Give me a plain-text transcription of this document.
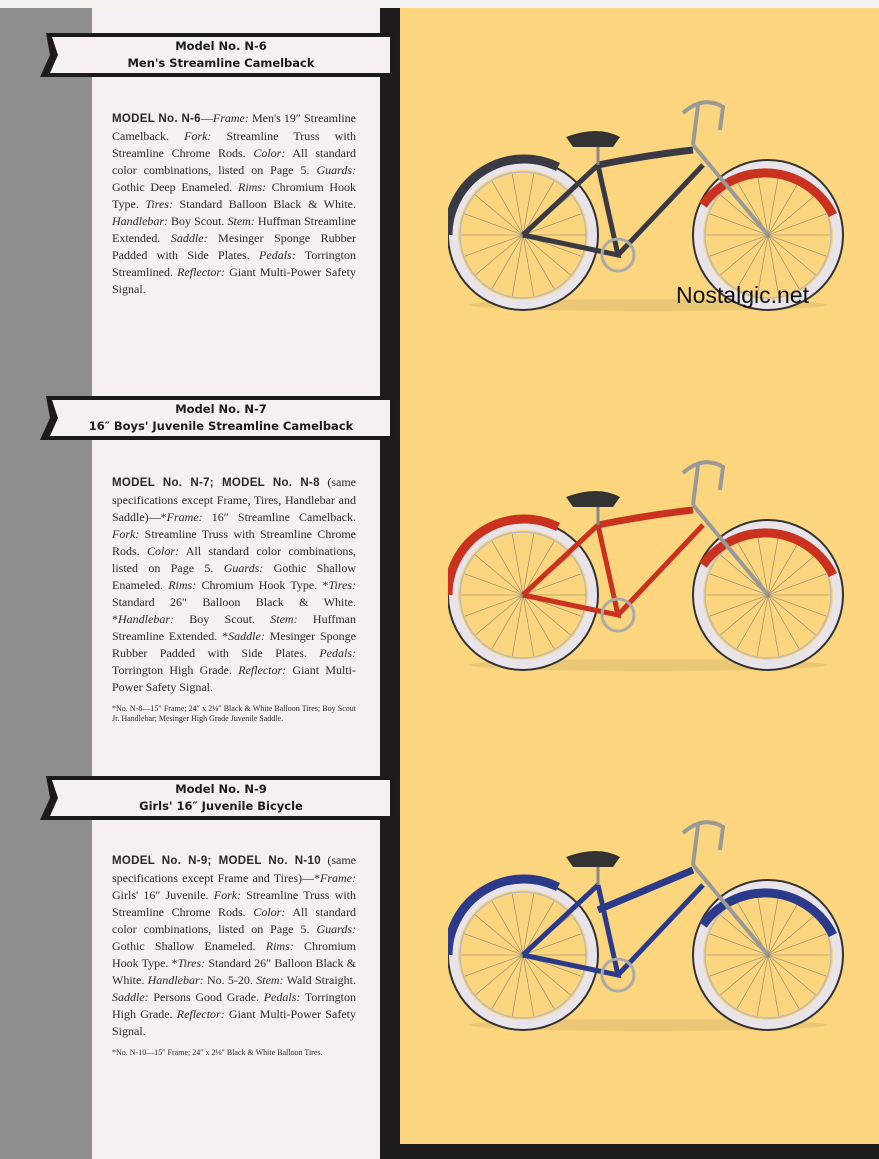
Model No. N-6
Men's Streamline Camelback
MODEL No. N-6—Frame: Men's 19″ Streamline Camelback. Fork: Streamline Truss with Streamline Chrome Rods. Color: All standard color combinations, listed on Page 5. Guards: Gothic Deep Enameled. Rims: Chromium Hook Type. Tires: Standard Balloon Black & White. Handlebar: Boy Scout. Stem: Huffman Streamline Extended. Saddle: Mesinger Sponge Rubber Padded with Side Plates. Pedals: Torrington Streamlined. Reflector: Giant Multi-Power Safety Signal.
Model No. N-7
16″ Boys' Juvenile Streamline Camelback
MODEL No. N-7; MODEL No. N-8 (same specifications except Frame, Tires, Handlebar and Saddle)—*Frame: 16″ Streamline Camelback. Fork: Streamline Truss with Streamline Chrome Rods. Color: All standard color combinations, listed on Page 5. Guards: Gothic Shallow Enameled. Rims: Chromium Hook Type. *Tires: Standard 26″ Balloon Black & White. *Handlebar: Boy Scout. Stem: Huffman Streamline Extended. *Saddle: Mesinger Sponge Rubber Padded with Side Plates. Pedals: Torrington High Grade. Reflector: Giant Multi-Power Safety Signal.
*No. N-8—15″ Frame; 24″ x 2⅛″ Black & White Balloon Tires; Boy Scout Jr. Handlebar; Mesinger High Grade Juvenile Saddle.
Model No. N-9
Girls' 16″ Juvenile Bicycle
MODEL No. N-9; MODEL No. N-10 (same specifications except Frame and Tires)—*Frame: Girls' 16″ Juvenile. Fork: Streamline Truss with Streamline Chrome Rods. Color: All standard color combinations, listed on Page 5. Guards: Gothic Shallow Enameled. Rims: Chromium Hook Type. *Tires: Standard 26″ Balloon Black & White. Handlebar: No. 5-20. Stem: Wald Straight. Saddle: Persons Good Grade. Pedals: Torrington High Grade. Reflector: Giant Multi-Power Safety Signal.
*No. N-10—15″ Frame; 24″ x 2⅛″ Black & White Balloon Tires.
Nostalgic.net
